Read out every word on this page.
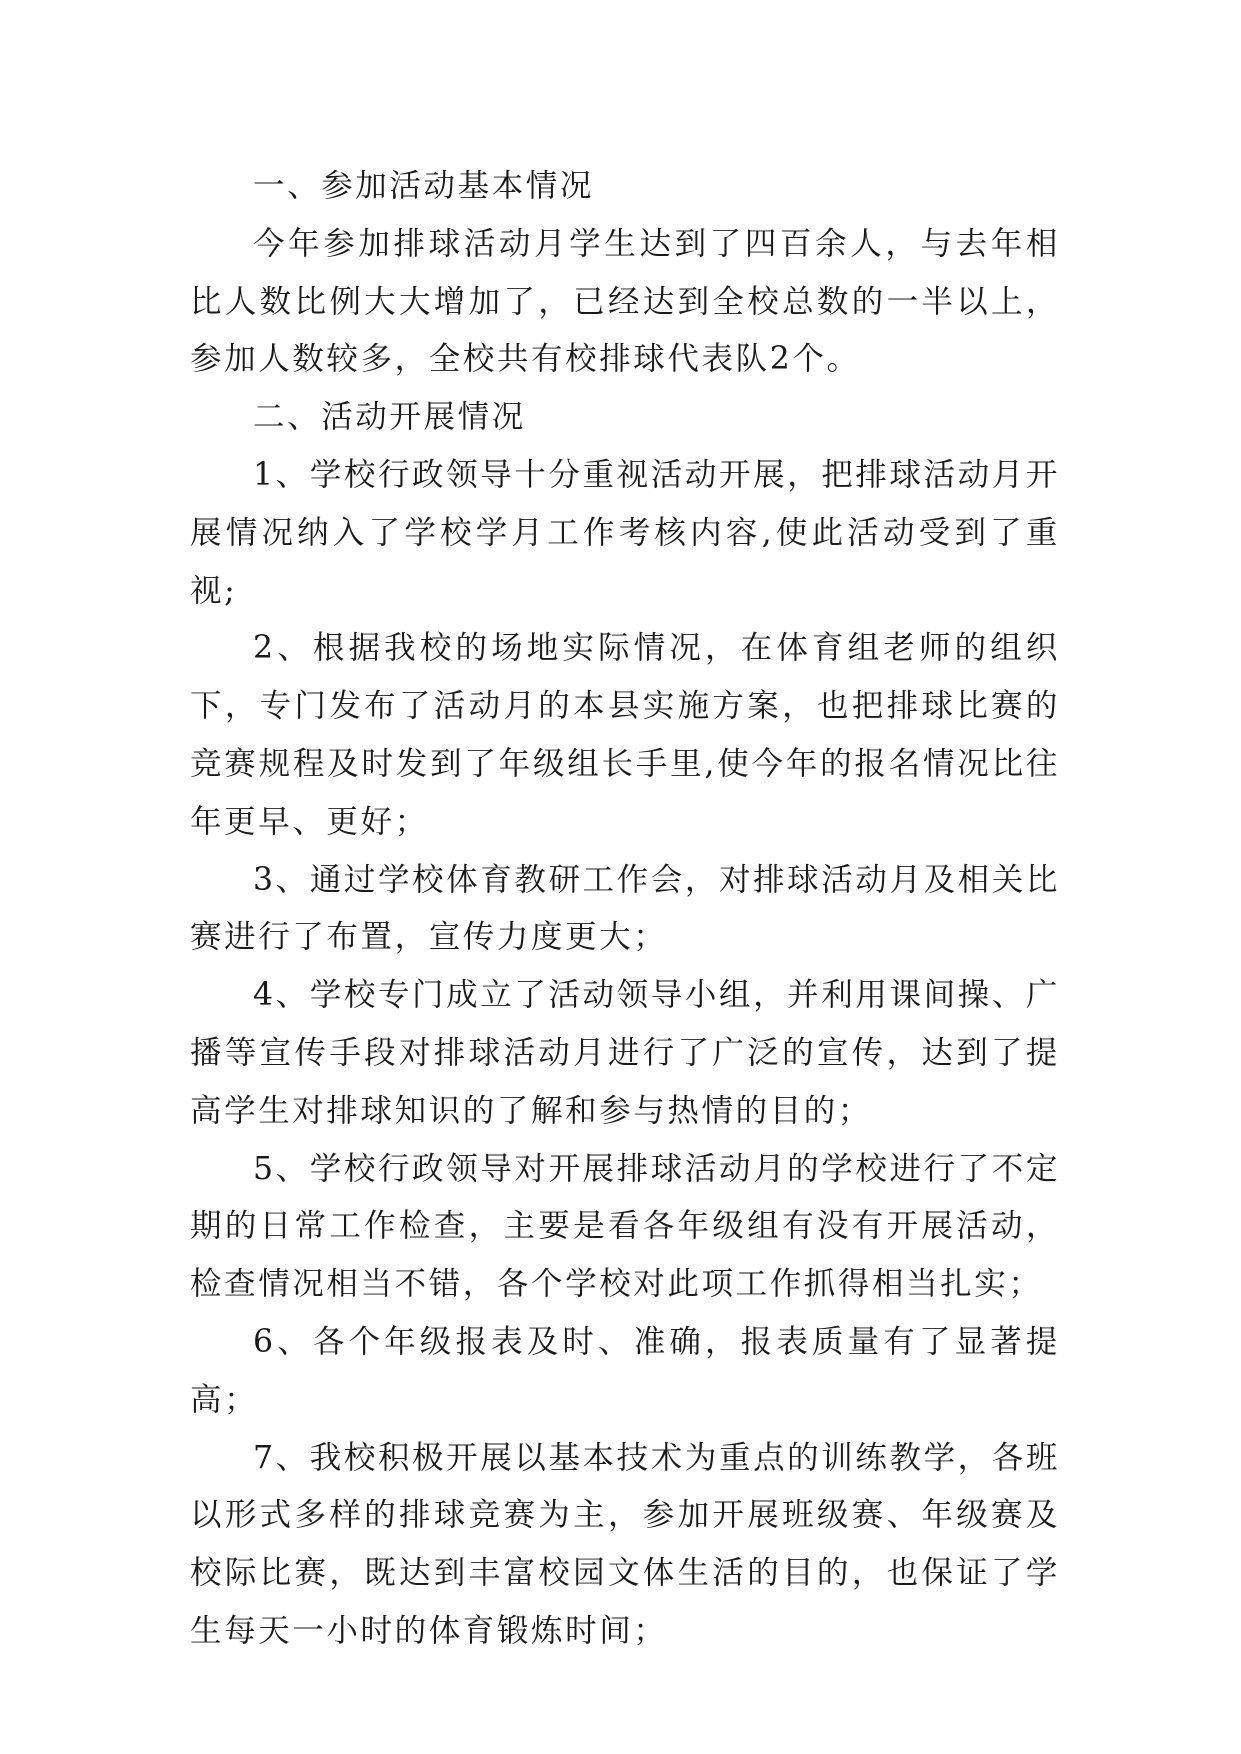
一、参加活动基本情况

今年参加排球活动月学生达到了四百余人，与去年相比人数比例大大增加了，已经达到全校总数的一半以上，参加人数较多，全校共有校排球代表队2个。

二、活动开展情况

1、学校行政领导十分重视活动开展，把排球活动月开展情况纳入了学校学月工作考核内容,使此活动受到了重视;

2、根据我校的场地实际情况，在体育组老师的组织下，专门发布了活动月的本县实施方案，也把排球比赛的竞赛规程及时发到了年级组长手里,使今年的报名情况比往年更早、更好；

3、通过学校体育教研工作会，对排球活动月及相关比赛进行了布置，宣传力度更大；

4、学校专门成立了活动领导小组，并利用课间操、广播等宣传手段对排球活动月进行了广泛的宣传，达到了提高学生对排球知识的了解和参与热情的目的；

5、学校行政领导对开展排球活动月的学校进行了不定期的日常工作检查，主要是看各年级组有没有开展活动，检查情况相当不错，各个学校对此项工作抓得相当扎实；

6、各个年级报表及时、准确，报表质量有了显著提高；

7、我校积极开展以基本技术为重点的训练教学，各班以形式多样的排球竞赛为主，参加开展班级赛、年级赛及校际比赛，既达到丰富校园文体生活的目的，也保证了学生每天一小时的体育锻炼时间；
